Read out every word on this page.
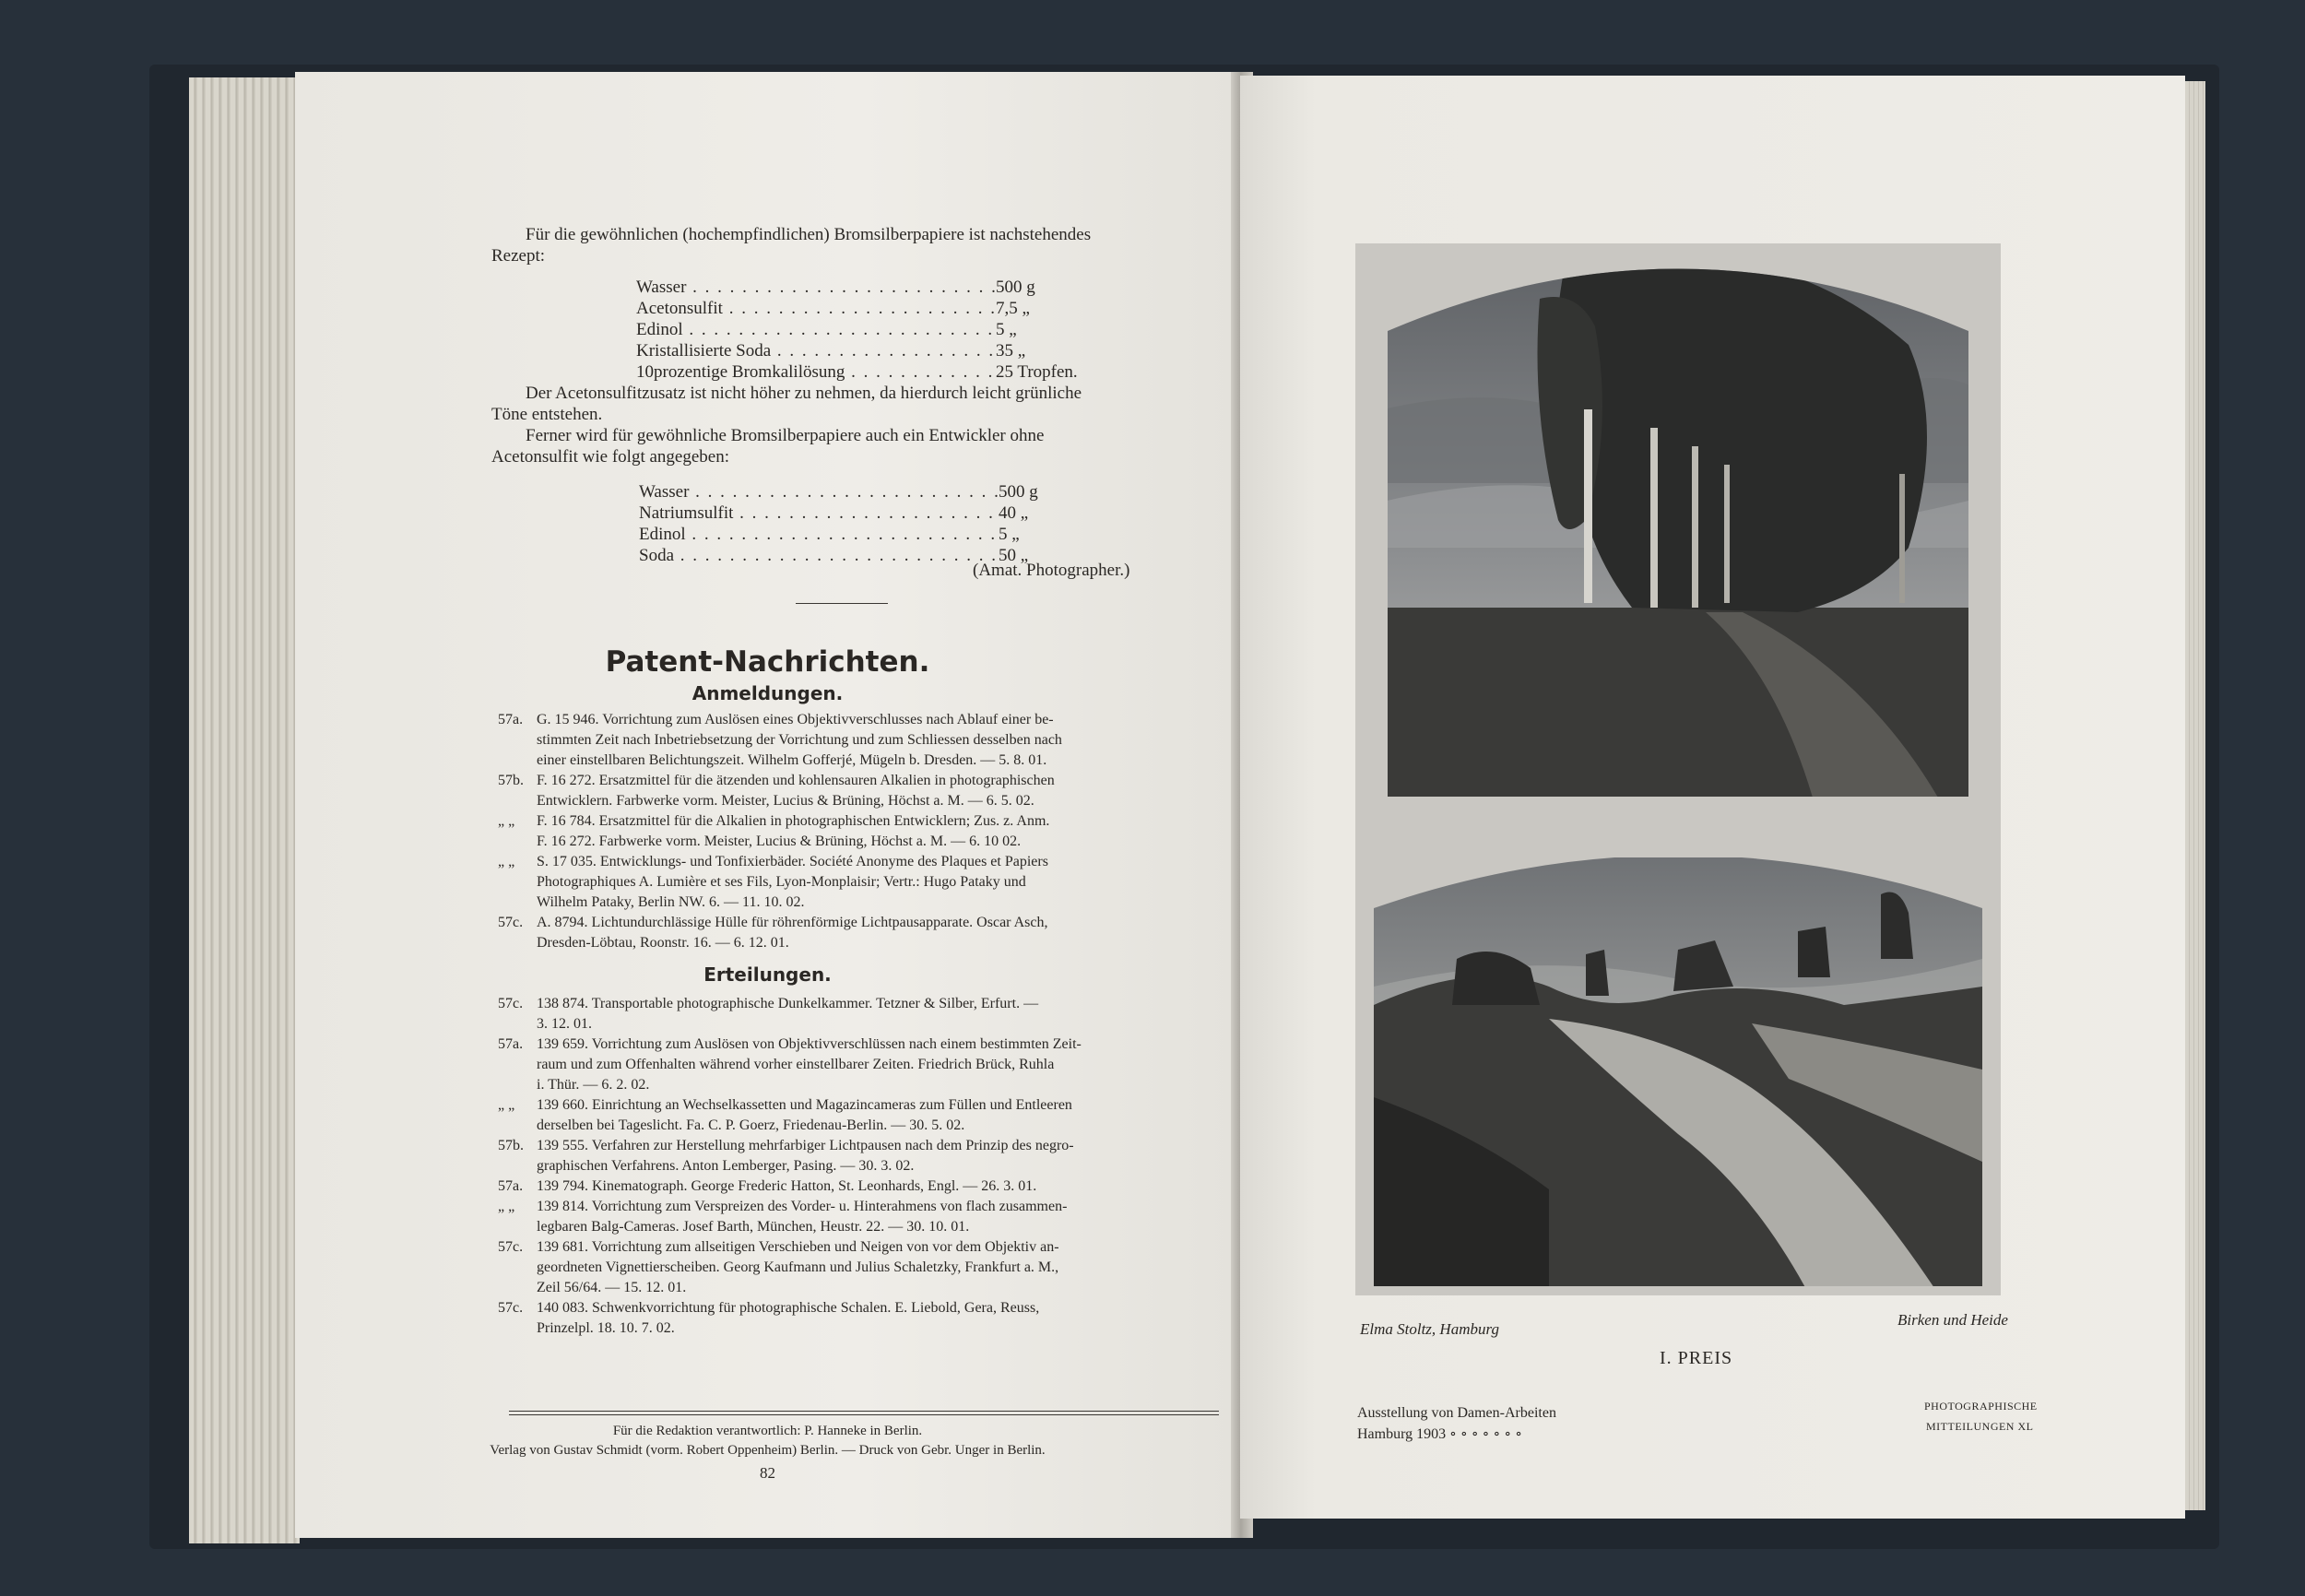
Für die gewöhnlichen (hochempfindlichen) Bromsilberpapiere ist nachstehendes
Rezept:
Wasser . . .	500 g
Acetonsulfit . . .	7,5 „
Edinol . . .	5 „
Kristallisierte Soda . . .	35 „
10prozentige Bromkalilösung . . .	25 Tropfen.
Der Acetonsulfitzusatz ist nicht höher zu nehmen, da hierdurch leicht grünliche
Töne entstehen.
Ferner wird für gewöhnliche Bromsilberpapiere auch ein Entwickler ohne
Acetonsulfit wie folgt angegeben:
Wasser . . .	500 g
Natriumsulfit . . .	40 „
Edinol . . .	5 „
Soda . . .	50 „
(Amat. Photographer.)
Patent-Nachrichten.
Anmeldungen.
57a. G. 15 946. Vorrichtung zum Auslösen eines Objektivverschlusses nach Ablauf einer be-
stimmten Zeit nach Inbetriebsetzung der Vorrichtung und zum Schliessen desselben nach
einer einstellbaren Belichtungszeit. Wilhelm Gofferjé, Mügeln b. Dresden. — 5. 8. 01.
57b. F. 16 272. Ersatzmittel für die ätzenden und kohlensauren Alkalien in photographischen
Entwicklern. Farbwerke vorm. Meister, Lucius & Brüning, Höchst a. M. — 6. 5. 02.
„ „	F. 16 784. Ersatzmittel für die Alkalien in photographischen Entwicklern; Zus. z. Anm.
F. 16 272. Farbwerke vorm. Meister, Lucius & Brüning, Höchst a. M. — 6. 10 02.
„ „	S. 17 035. Entwicklungs- und Tonfixierbäder. Société Anonyme des Plaques et Papiers
Photographiques A. Lumière et ses Fils, Lyon-Monplaisir; Vertr.: Hugo Pataky und
Wilhelm Pataky, Berlin NW. 6. — 11. 10. 02.
57c. A. 8794. Lichtundurchlässige Hülle für röhrenförmige Lichtpausapparate. Oscar Asch,
Dresden-Löbtau, Roonstr. 16. — 6. 12. 01.
Erteilungen.
57c. 138 874. Transportable photographische Dunkelkammer. Tetzner & Silber, Erfurt. —
3. 12. 01.
57a. 139 659. Vorrichtung zum Auslösen von Objektivverschlüssen nach einem bestimmten Zeit-
raum und zum Offenhalten während vorher einstellbarer Zeiten. Friedrich Brück, Ruhla
i. Thür. — 6. 2. 02.
„ „	139 660. Einrichtung an Wechselkassetten und Magazincameras zum Füllen und Entleeren
derselben bei Tageslicht. Fa. C. P. Goerz, Friedenau-Berlin. — 30. 5. 02.
57b. 139 555. Verfahren zur Herstellung mehrfarbiger Lichtpausen nach dem Prinzip des negro-
graphischen Verfahrens. Anton Lemberger, Pasing. — 30. 3. 02.
57a. 139 794. Kinematograph. George Frederic Hatton, St. Leonhards, Engl. — 26. 3. 01.
„ „	139 814. Vorrichtung zum Verspreizen des Vorder- u. Hinterahmens von flach zusammen-
legbaren Balg-Cameras. Josef Barth, München, Heustr. 22. — 30. 10. 01.
57c. 139 681. Vorrichtung zum allseitigen Verschieben und Neigen von vor dem Objektiv an-
geordneten Vignettierscheiben. Georg Kaufmann und Julius Schaletzky, Frankfurt a. M.,
Zeil 56/64. — 15. 12. 01.
57c. 140 083. Schwenkvorrichtung für photographische Schalen. E. Liebold, Gera, Reuss,
Prinzelpl. 18. 10. 7. 02.
Für die Redaktion verantwortlich: P. Hanneke in Berlin.
Verlag von Gustav Schmidt (vorm. Robert Oppenheim) Berlin. — Druck von Gebr. Unger in Berlin.
82
Elma Stoltz, Hamburg
Birken und Heide
I. PREIS
Ausstellung von Damen-Arbeiten
Hamburg 1903 ∘ ∘ ∘ ∘ ∘ ∘ ∘
PHOTOGRAPHISCHE
MITTEILUNGEN XL
